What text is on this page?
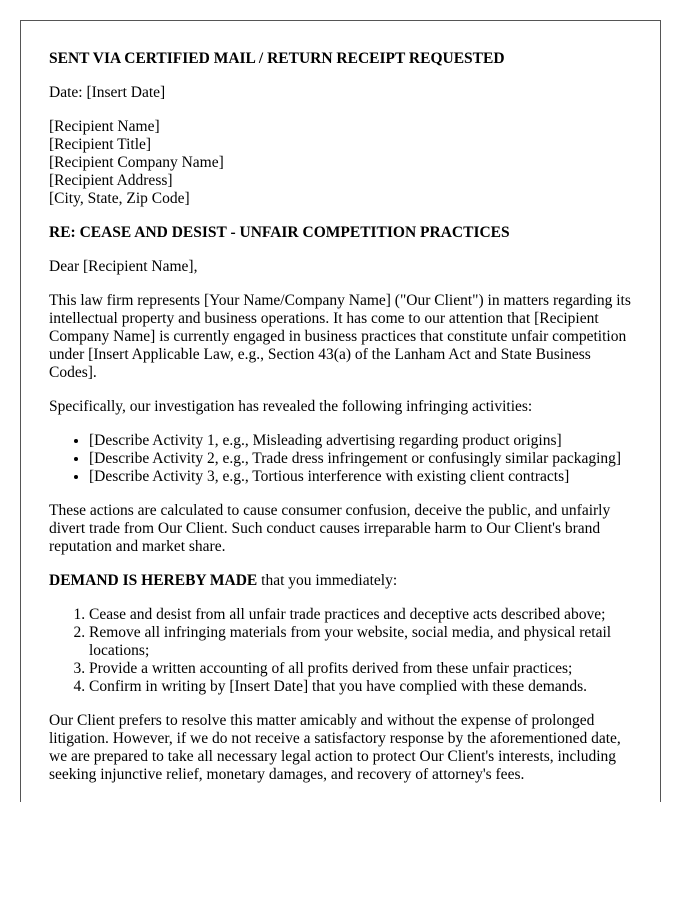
SENT VIA CERTIFIED MAIL / RETURN RECEIPT REQUESTED

Date: [Insert Date]

[Recipient Name]
[Recipient Title]
[Recipient Company Name]
[Recipient Address]
[City, State, Zip Code]

RE: CEASE AND DESIST - UNFAIR COMPETITION PRACTICES

Dear [Recipient Name],

This law firm represents [Your Name/Company Name] ("Our Client") in matters regarding its intellectual property and business operations. It has come to our attention that [Recipient Company Name] is currently engaged in business practices that constitute unfair competition under [Insert Applicable Law, e.g., Section 43(a) of the Lanham Act and State Business Codes].

Specifically, our investigation has revealed the following infringing activities:

• [Describe Activity 1, e.g., Misleading advertising regarding product origins]
• [Describe Activity 2, e.g., Trade dress infringement or confusingly similar packaging]
• [Describe Activity 3, e.g., Tortious interference with existing client contracts]

These actions are calculated to cause consumer confusion, deceive the public, and unfairly divert trade from Our Client. Such conduct causes irreparable harm to Our Client's brand reputation and market share.

DEMAND IS HEREBY MADE that you immediately:

1. Cease and desist from all unfair trade practices and deceptive acts described above;
2. Remove all infringing materials from your website, social media, and physical retail locations;
3. Provide a written accounting of all profits derived from these unfair practices;
4. Confirm in writing by [Insert Date] that you have complied with these demands.

Our Client prefers to resolve this matter amicably and without the expense of prolonged litigation. However, if we do not receive a satisfactory response by the aforementioned date, we are prepared to take all necessary legal action to protect Our Client's interests, including seeking injunctive relief, monetary damages, and recovery of attorney's fees.
